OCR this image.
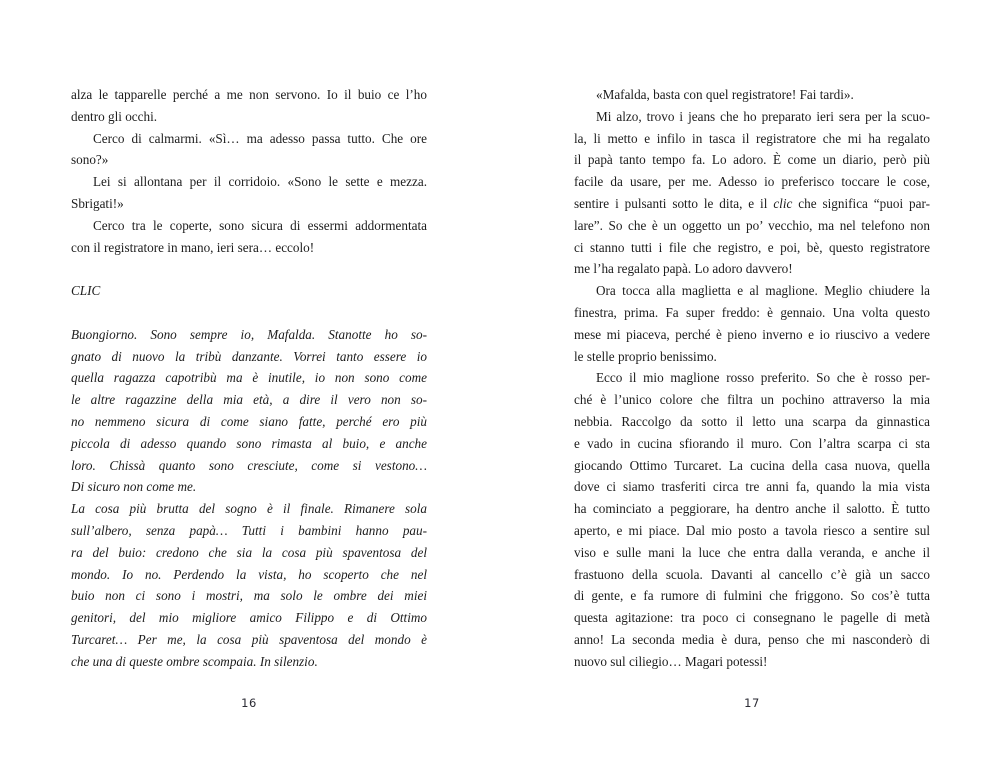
alza le tapparelle perché a me non servono. Io il buio ce l’ho
dentro gli occhi.
Cerco di calmarmi. «Sì… ma adesso passa tutto. Che ore
sono?»
Lei si allontana per il corridoio. «Sono le sette e mezza.
Sbrigati!»
Cerco tra le coperte, sono sicura di essermi addormentata
con il registratore in mano, ieri sera… eccolo!
CLIC
Buongiorno. Sono sempre io, Mafalda. Stanotte ho so-
gnato di nuovo la tribù danzante. Vorrei tanto essere io
quella ragazza capotribù ma è inutile, io non sono come
le altre ragazzine della mia età, a dire il vero non so-
no nemmeno sicura di come siano fatte, perché ero più
piccola di adesso quando sono rimasta al buio, e anche
loro. Chissà quanto sono cresciute, come si vestono…
Di sicuro non come me.
La cosa più brutta del sogno è il finale. Rimanere sola
sull’albero, senza papà… Tutti i bambini hanno pau-
ra del buio: credono che sia la cosa più spaventosa del
mondo. Io no. Perdendo la vista, ho scoperto che nel
buio non ci sono i mostri, ma solo le ombre dei miei
genitori, del mio migliore amico Filippo e di Ottimo
Turcaret… Per me, la cosa più spaventosa del mondo è
che una di queste ombre scompaia. In silenzio.
«Mafalda, basta con quel registratore! Fai tardi».
Mi alzo, trovo i jeans che ho preparato ieri sera per la scuo-
la, li metto e infilo in tasca il registratore che mi ha regalato
il papà tanto tempo fa. Lo adoro. È come un diario, però più
facile da usare, per me. Adesso io preferisco toccare le cose,
sentire i pulsanti sotto le dita, e il clic che significa “puoi par-
lare”. So che è un oggetto un po’ vecchio, ma nel telefono non
ci stanno tutti i file che registro, e poi, bè, questo registratore
me l’ha regalato papà. Lo adoro davvero!
Ora tocca alla maglietta e al maglione. Meglio chiudere la
finestra, prima. Fa super freddo: è gennaio. Una volta questo
mese mi piaceva, perché è pieno inverno e io riuscivo a vedere
le stelle proprio benissimo.
Ecco il mio maglione rosso preferito. So che è rosso per-
ché è l’unico colore che filtra un pochino attraverso la mia
nebbia. Raccolgo da sotto il letto una scarpa da ginnastica
e vado in cucina sfiorando il muro. Con l’altra scarpa ci sta
giocando Ottimo Turcaret. La cucina della casa nuova, quella
dove ci siamo trasferiti circa tre anni fa, quando la mia vista
ha cominciato a peggiorare, ha dentro anche il salotto. È tutto
aperto, e mi piace. Dal mio posto a tavola riesco a sentire sul
viso e sulle mani la luce che entra dalla veranda, e anche il
frastuono della scuola. Davanti al cancello c’è già un sacco
di gente, e fa rumore di fulmini che friggono. So cos’è tutta
questa agitazione: tra poco ci consegnano le pagelle di metà
anno! La seconda media è dura, penso che mi nasconderò di
nuovo sul ciliegio… Magari potessi!
16	17
